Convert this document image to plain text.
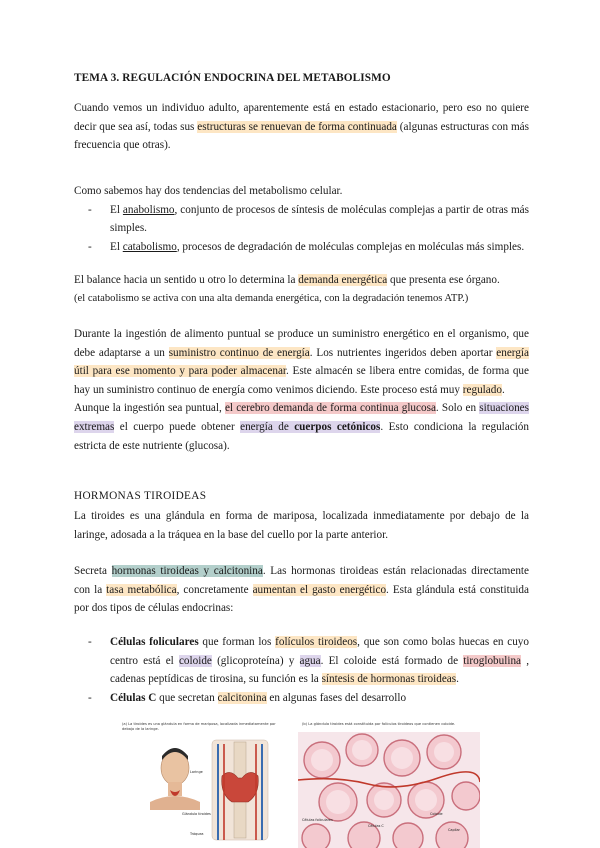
TEMA 3. REGULACIÓN ENDOCRINA DEL METABOLISMO

Cuando vemos un individuo adulto, aparentemente está en estado estacionario, pero eso no quiere decir que sea así, todas sus estructuras se renuevan de forma continuada (algunas estructuras con más frecuencia que otras).

Como sabemos hay dos tendencias del metabolismo celular.

- El anabolismo, conjunto de procesos de síntesis de moléculas complejas a partir de otras más simples.
- El catabolismo, procesos de degradación de moléculas complejas en moléculas más simples.

El balance hacia un sentido u otro lo determina la demanda energética que presenta ese órgano.

(el catabolismo se activa con una alta demanda energética, con la degradación tenemos ATP.)

Durante la ingestión de alimento puntual se produce un suministro energético en el organismo, que debe adaptarse a un suministro continuo de energía. Los nutrientes ingeridos deben aportar energía útil para ese momento y para poder almacenar. Este almacén se libera entre comidas, de forma que hay un suministro continuo de energía como venimos diciendo. Este proceso está muy regulado.

Aunque la ingestión sea puntual, el cerebro demanda de forma continua glucosa. Solo en situaciones extremas el cuerpo puede obtener energía de cuerpos cetónicos. Esto condiciona la regulación estricta de este nutriente (glucosa).

HORMONAS TIROIDEAS

La tiroides es una glándula en forma de mariposa, localizada inmediatamente por debajo de la laringe, adosada a la tráquea en la base del cuello por la parte anterior.

Secreta hormonas tiroideas y calcitonina. Las hormonas tiroideas están relacionadas directamente con la tasa metabólica, concretamente aumentan el gasto energético. Esta glándula está constituida por dos tipos de células endocrinas:

- Células foliculares que forman los folículos tiroideos, que son como bolas huecas en cuyo centro está el coloide (glicoproteína) y agua. El coloide está formado de tiroglobulina , cadenas peptídicas de tirosina, su función es la síntesis de hormonas tiroideas.
- Células C que secretan calcitonina en algunas fases del desarrollo
(a) La tiroides es una glándula en forma de mariposa, localizada inmediatamente por debajo de la laringe.
Laringe
Glándula tiroides
Tráquea
(b) La glándula tiroides está constituida por folículos tiroideos que contienen coloide.
Coloide
Células foliculares
Capilar
Células C
